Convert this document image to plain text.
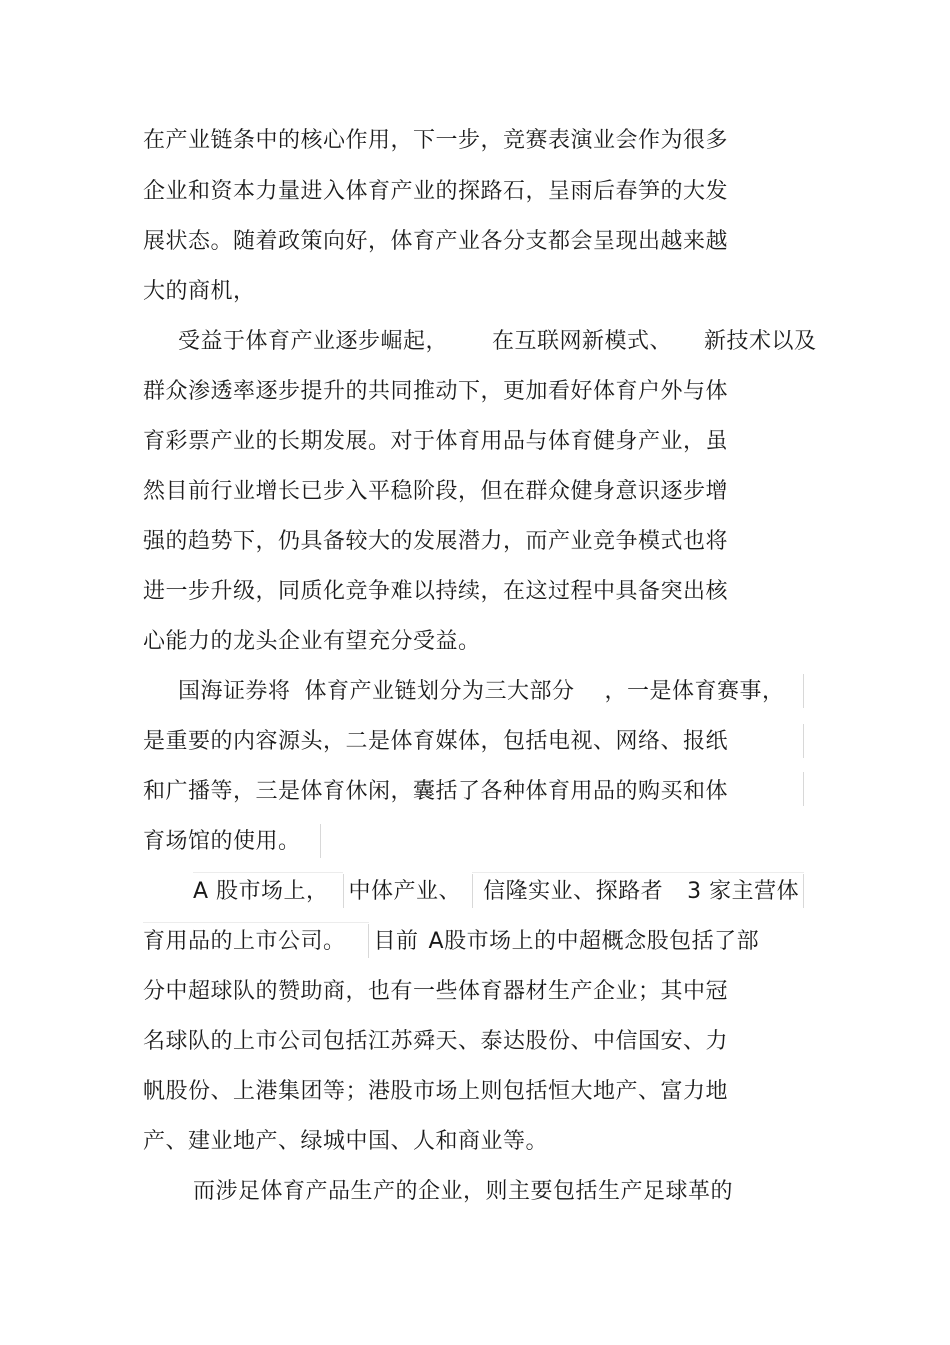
在产业链条中的核心作用，下一步，竞赛表演业会作为很多
企业和资本力量进入体育产业的探路石，呈雨后春笋的大发
展状态。随着政策向好，体育产业各分支都会呈现出越来越
大的商机，
受益于体育产业逐步崛起， 在互联网新模式、 新技术以及
群众渗透率逐步提升的共同推动下，更加看好体育户外与体
育彩票产业的长期发展。对于体育用品与体育健身产业，虽
然目前行业增长已步入平稳阶段，但在群众健身意识逐步增
强的趋势下，仍具备较大的发展潜力，而产业竞争模式也将
进一步升级，同质化竞争难以持续，在这过程中具备突出核
心能力的龙头企业有望充分受益。
国海证券将 体育产业链划分为三大部分 ，一是体育赛事，
是重要的内容源头，二是体育媒体，包括电视、网络、报纸
和广播等，三是体育休闲，囊括了各种体育用品的购买和体
育场馆的使用。
A 股市场上， 中体产业、 信隆实业、探路者 3 家主营体
育用品的上市公司。 目前 A股市场上的中超概念股包括了部
分中超球队的赞助商，也有一些体育器材生产企业；其中冠
名球队的上市公司包括江苏舜天、泰达股份、中信国安、力
帆股份、上港集团等；港股市场上则包括恒大地产、富力地
产、建业地产、绿城中国、人和商业等。
而涉足体育产品生产的企业，则主要包括生产足球革的
